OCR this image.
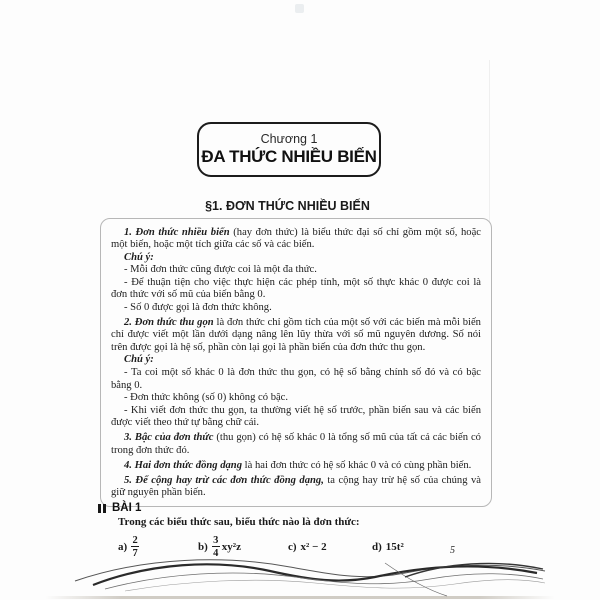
Chương 1
ĐA THỨC NHIỀU BIẾN
§1. ĐƠN THỨC NHIỀU BIẾN

1. Đơn thức nhiều biến (hay đơn thức) là biểu thức đại số chỉ gồm một số, hoặc một biến, hoặc một tích giữa các số và các biến.

Chú ý:

- Mỗi đơn thức cũng được coi là một đa thức.

- Để thuận tiện cho việc thực hiện các phép tính, một số thực khác 0 được coi là đơn thức với số mũ của biến bằng 0.

- Số 0 được gọi là đơn thức không.

2. Đơn thức thu gọn là đơn thức chỉ gồm tích của một số với các biến mà mỗi biến chỉ được viết một lần dưới dạng nâng lên lũy thừa với số mũ nguyên dương. Số nói trên được gọi là hệ số, phần còn lại gọi là phần biến của đơn thức thu gọn.

Chú ý:

- Ta coi một số khác 0 là đơn thức thu gọn, có hệ số bằng chính số đó và có bậc bằng 0.

- Đơn thức không (số 0) không có bậc.

- Khi viết đơn thức thu gọn, ta thường viết hệ số trước, phần biến sau và các biến được viết theo thứ tự bằng chữ cái.

3. Bậc của đơn thức (thu gọn) có hệ số khác 0 là tổng số mũ của tất cả các biến có trong đơn thức đó.

4. Hai đơn thức đồng dạng là hai đơn thức có hệ số khác 0 và có cùng phần biến.

5. Để cộng hay trừ các đơn thức đồng dạng, ta cộng hay trừ hệ số của chúng và giữ nguyên phần biến.

BÀI 1
Trong các biểu thức sau, biểu thức nào là đơn thức:
$a) \frac{2}{7}$	$b) \frac{3}{4} xy^2z$	c) x² − 2	d) 15t²	5
